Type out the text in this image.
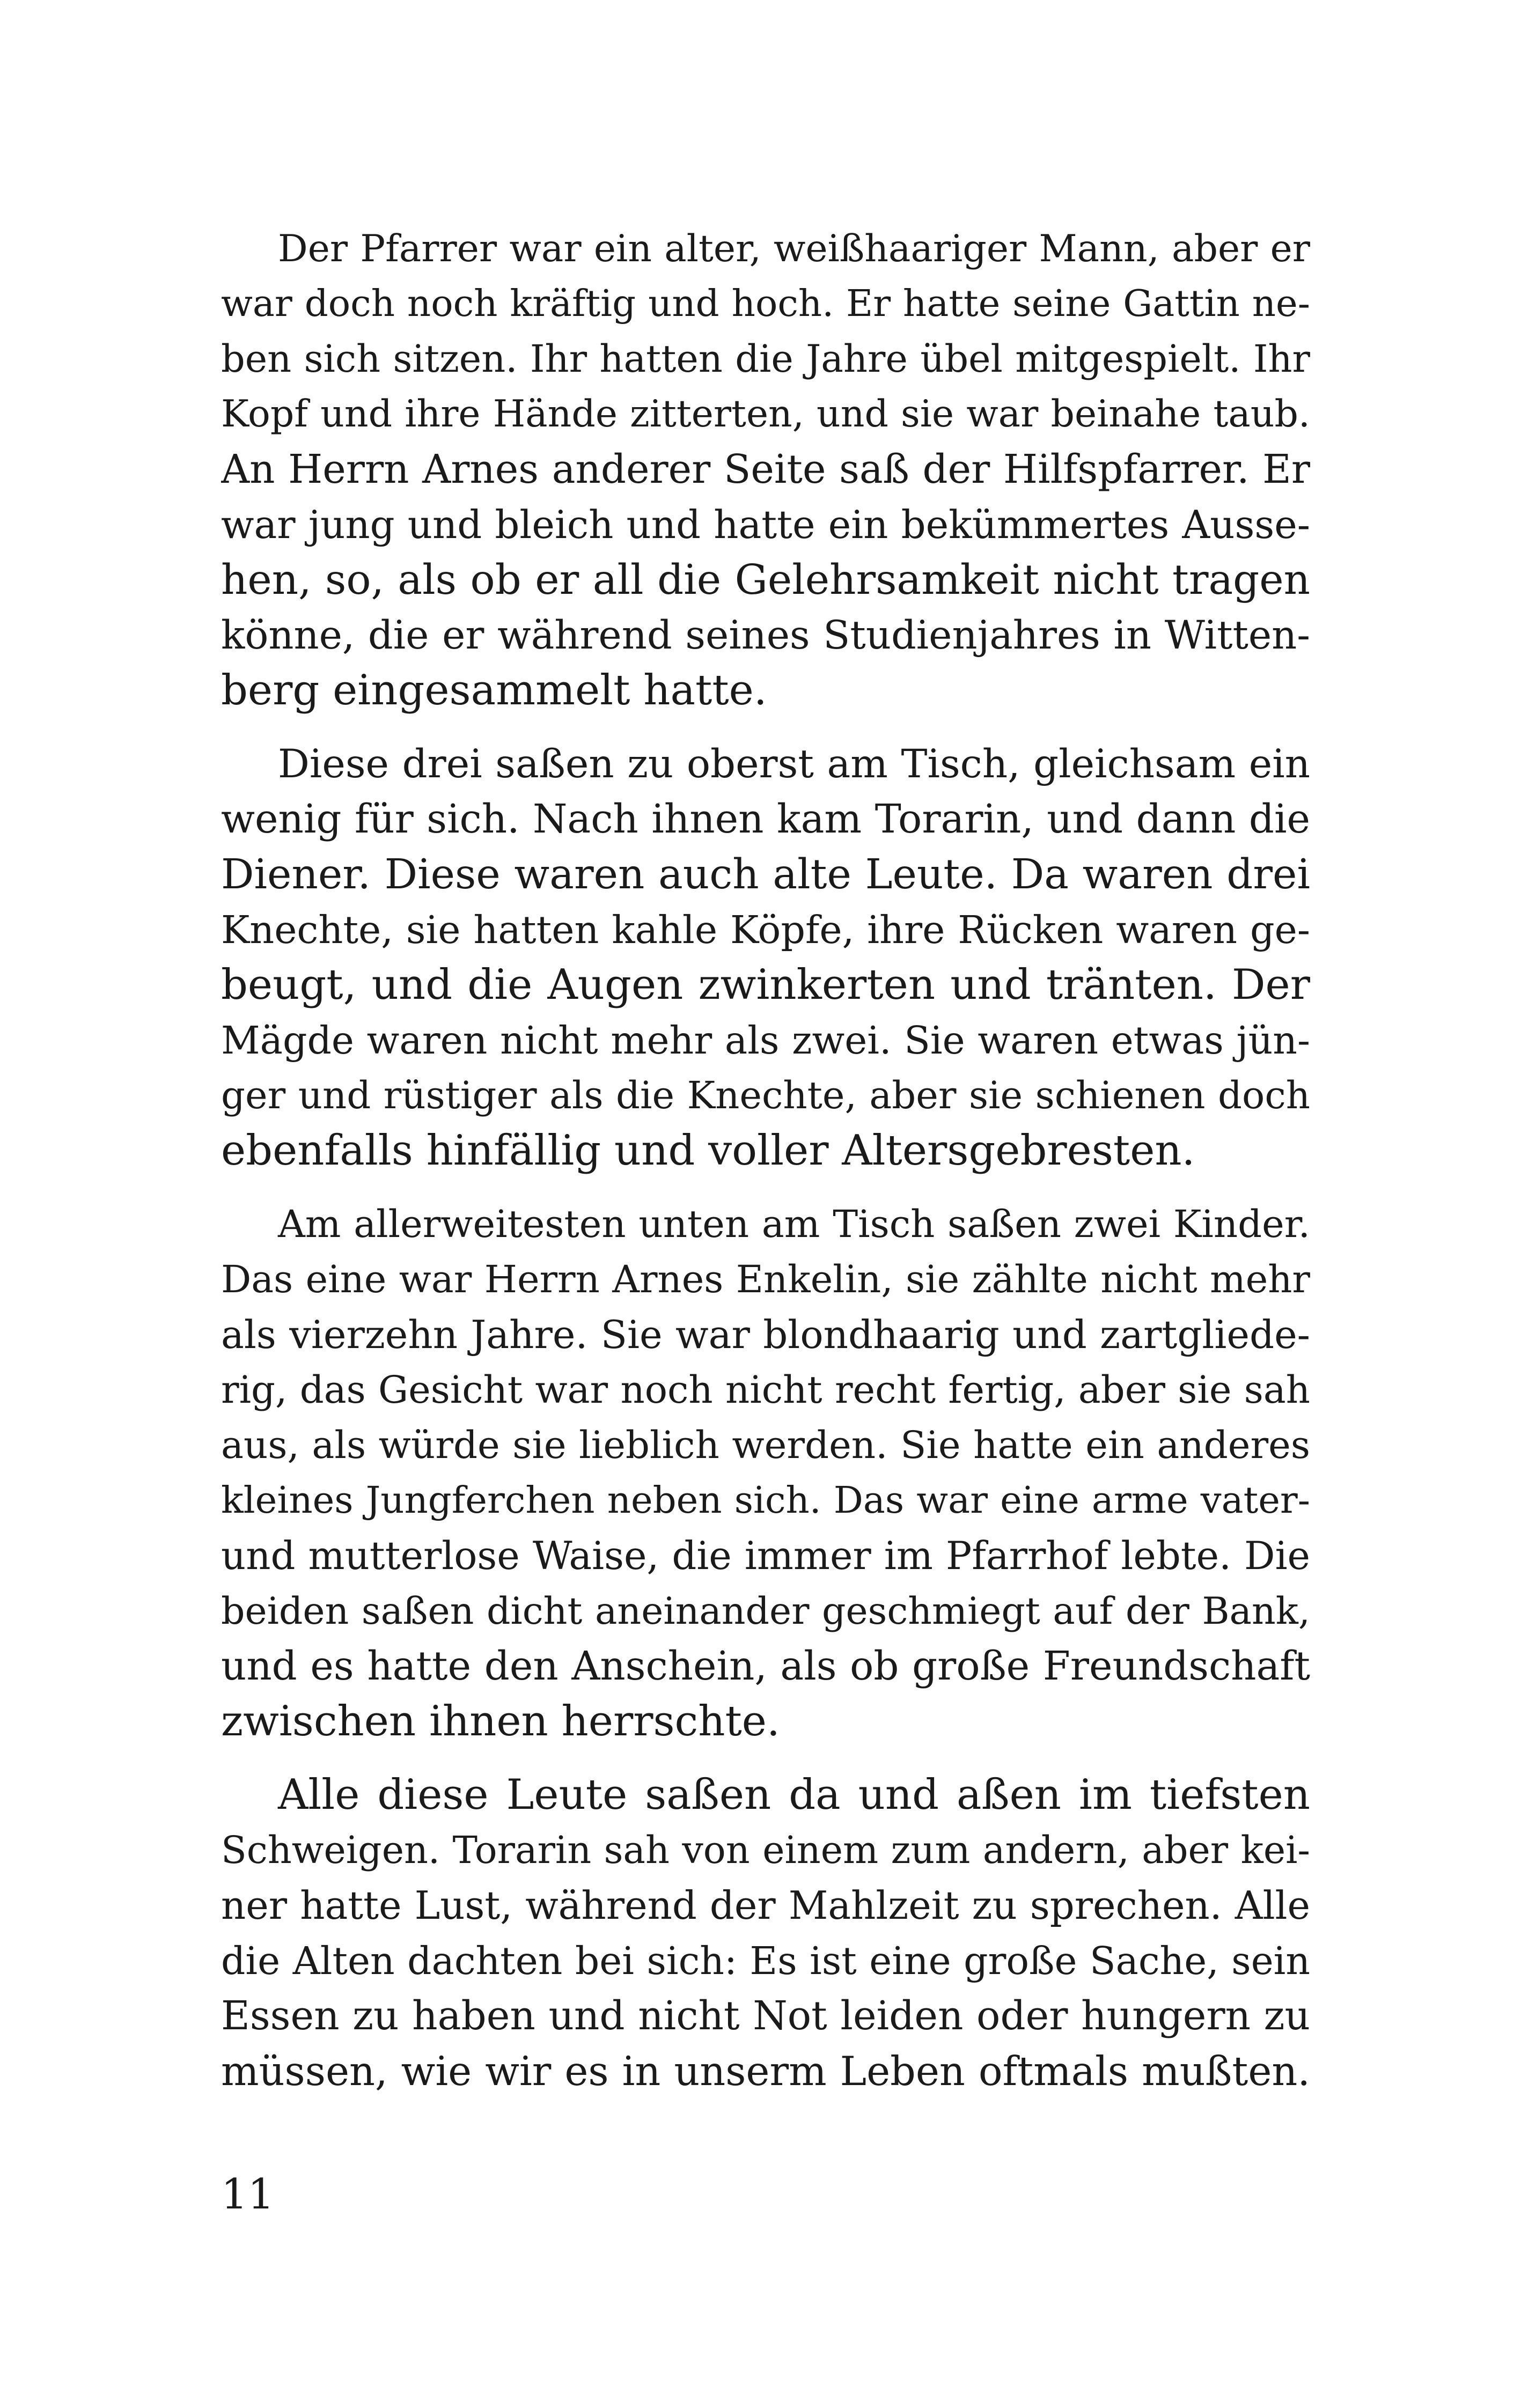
Der Pfarrer war ein alter, weißhaariger Mann, aber er
war doch noch kräftig und hoch. Er hatte seine Gattin ne-
ben sich sitzen. Ihr hatten die Jahre übel mitgespielt. Ihr
Kopf und ihre Hände zitterten, und sie war beinahe taub.
An Herrn Arnes anderer Seite saß der Hilfspfarrer. Er
war jung und bleich und hatte ein bekümmertes Ausse-
hen, so, als ob er all die Gelehrsamkeit nicht tragen
könne, die er während seines Studienjahres in Witten-
berg eingesammelt hatte.

Diese drei saßen zu oberst am Tisch, gleichsam ein
wenig für sich. Nach ihnen kam Torarin, und dann die
Diener. Diese waren auch alte Leute. Da waren drei
Knechte, sie hatten kahle Köpfe, ihre Rücken waren ge-
beugt, und die Augen zwinkerten und tränten. Der
Mägde waren nicht mehr als zwei. Sie waren etwas jün-
ger und rüstiger als die Knechte, aber sie schienen doch
ebenfalls hinfällig und voller Altersgebresten.

Am allerweitesten unten am Tisch saßen zwei Kinder.
Das eine war Herrn Arnes Enkelin, sie zählte nicht mehr
als vierzehn Jahre. Sie war blondhaarig und zartgliede-
rig, das Gesicht war noch nicht recht fertig, aber sie sah
aus, als würde sie lieblich werden. Sie hatte ein anderes
kleines Jungferchen neben sich. Das war eine arme vater-
und mutterlose Waise, die immer im Pfarrhof lebte. Die
beiden saßen dicht aneinander geschmiegt auf der Bank,
und es hatte den Anschein, als ob große Freundschaft
zwischen ihnen herrschte.

Alle diese Leute saßen da und aßen im tiefsten
Schweigen. Torarin sah von einem zum andern, aber kei-
ner hatte Lust, während der Mahlzeit zu sprechen. Alle
die Alten dachten bei sich: Es ist eine große Sache, sein
Essen zu haben und nicht Not leiden oder hungern zu
müssen, wie wir es in unserm Leben oftmals mußten.

11
